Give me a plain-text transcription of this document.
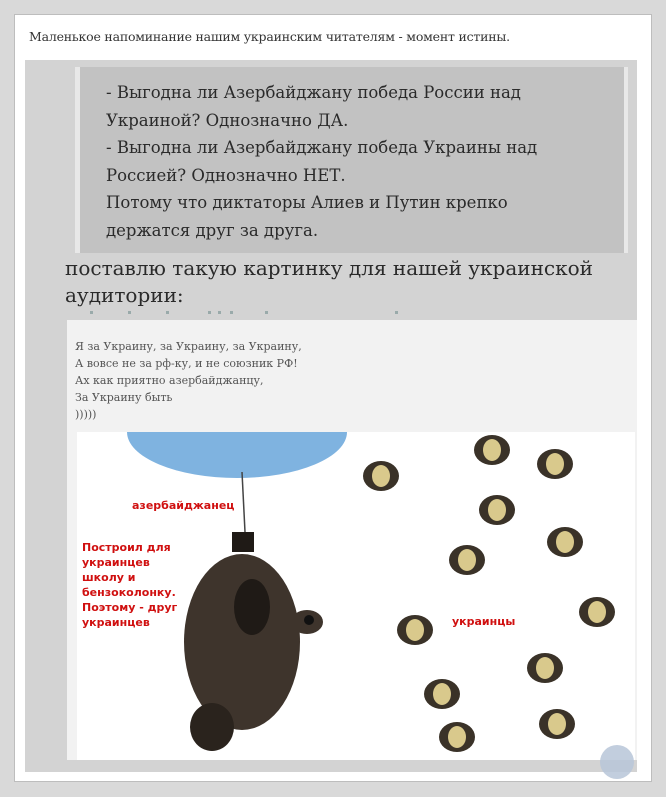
Маленькое напоминание нашим украинским читателям - момент истины.
- Выгодна ли Азербайджану победа России над
Украиной? Однозначно ДА.
- Выгодна ли Азербайджану победа Украины над
Россией? Однозначно НЕТ.
Потому что диктаторы Алиев и Путин крепко
держатся друг за друга.
поставлю такую картинку для нашей украинской
аудитории:
Я за Украину, за Украину, за Украину,
А вовсе не за рф-ку, и не союзник РФ!
Ах как приятно азербайджанцу,
За Украину быть
)))))
азербайджанец
Построил для
украинцев
школу и
бензоколонку.
Поэтому - друг
украинцев	украинцы
